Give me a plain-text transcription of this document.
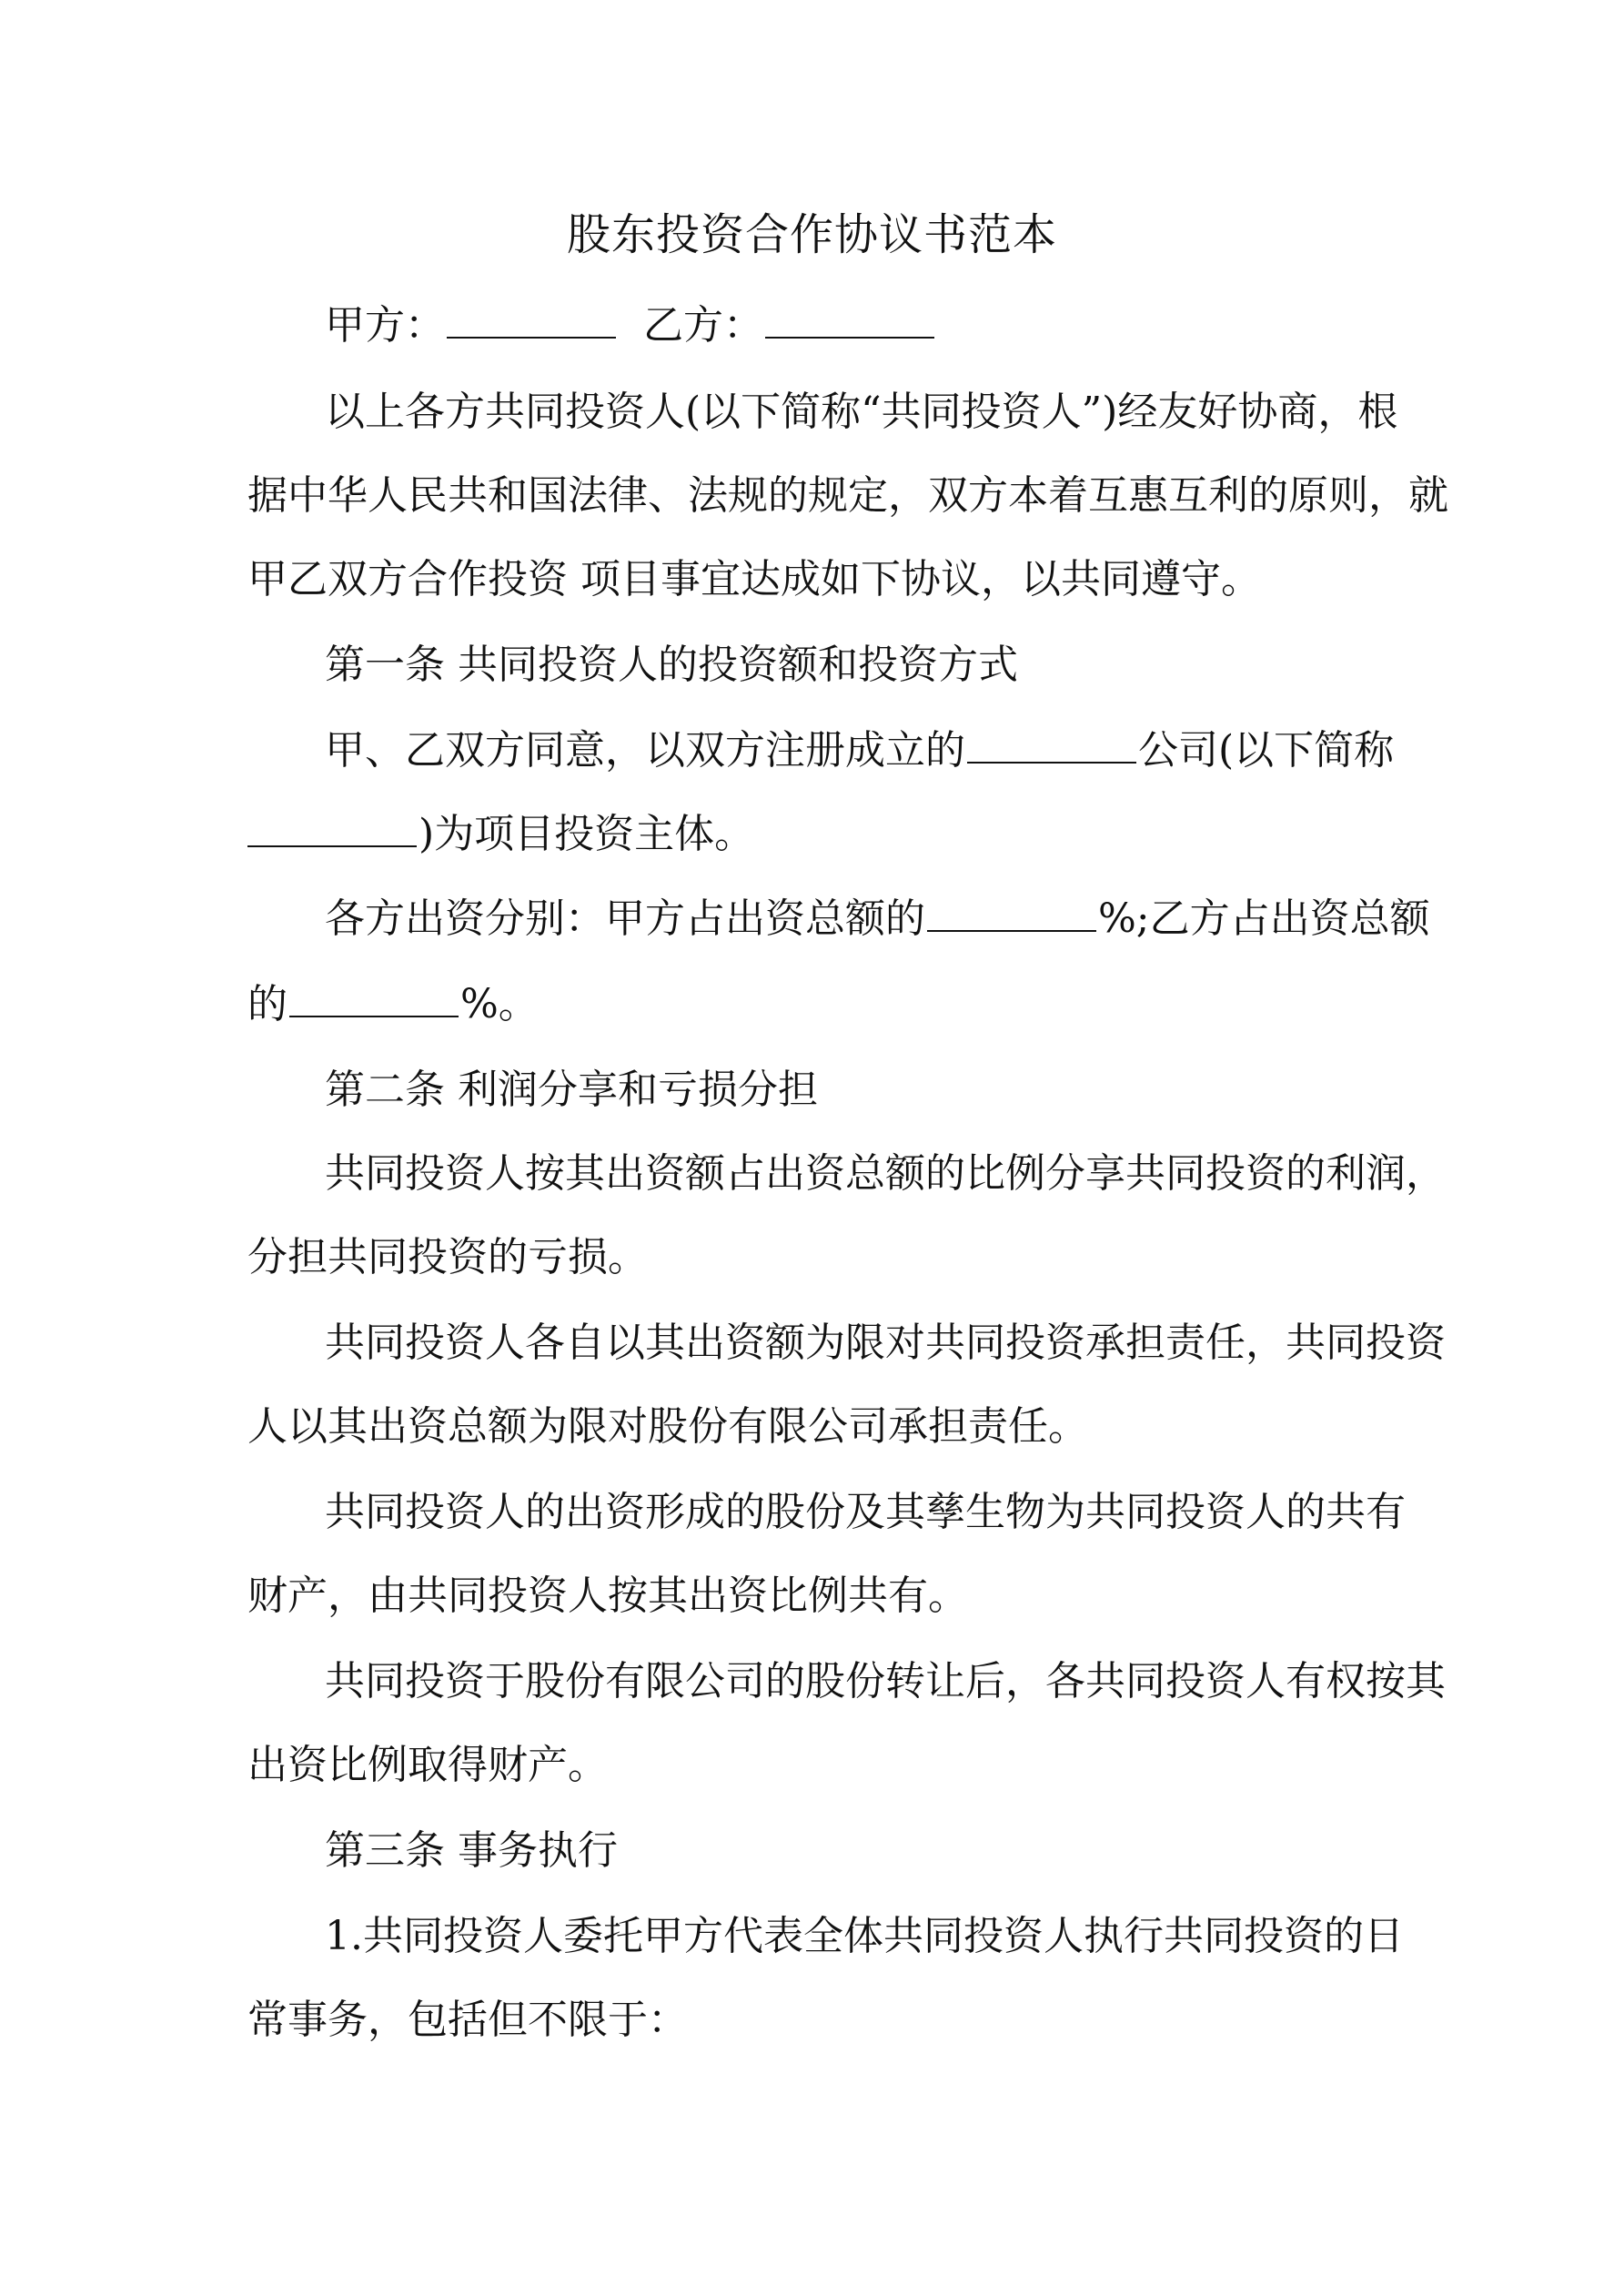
股东投资合作协议书范本
甲方：	乙方：
以上各方共同投资人(以下简称“共同投资人”)经友好协商，根
据中华人民共和国法律、法规的规定，双方本着互惠互利的原则，就
甲乙双方合作投资 项目事宜达成如下协议，以共同遵守。
第一条 共同投资人的投资额和投资方式
甲、乙双方同意，以双方注册成立的	公司(以下简称
)为项目投资主体。
各方出资分别：甲方占出资总额的	%;乙方占出资总额
的	%。
第二条 利润分享和亏损分担
共同投资人按其出资额占出资总额的比例分享共同投资的利润，
分担共同投资的亏损。
共同投资人各自以其出资额为限对共同投资承担责任，共同投资
人以其出资总额为限对股份有限公司承担责任。
共同投资人的出资形成的股份及其孳生物为共同投资人的共有
财产，由共同投资人按其出资比例共有。
共同投资于股份有限公司的股份转让后，各共同投资人有权按其
出资比例取得财产。
第三条 事务执行
1.共同投资人委托甲方代表全体共同投资人执行共同投资的日
常事务，包括但不限于：
